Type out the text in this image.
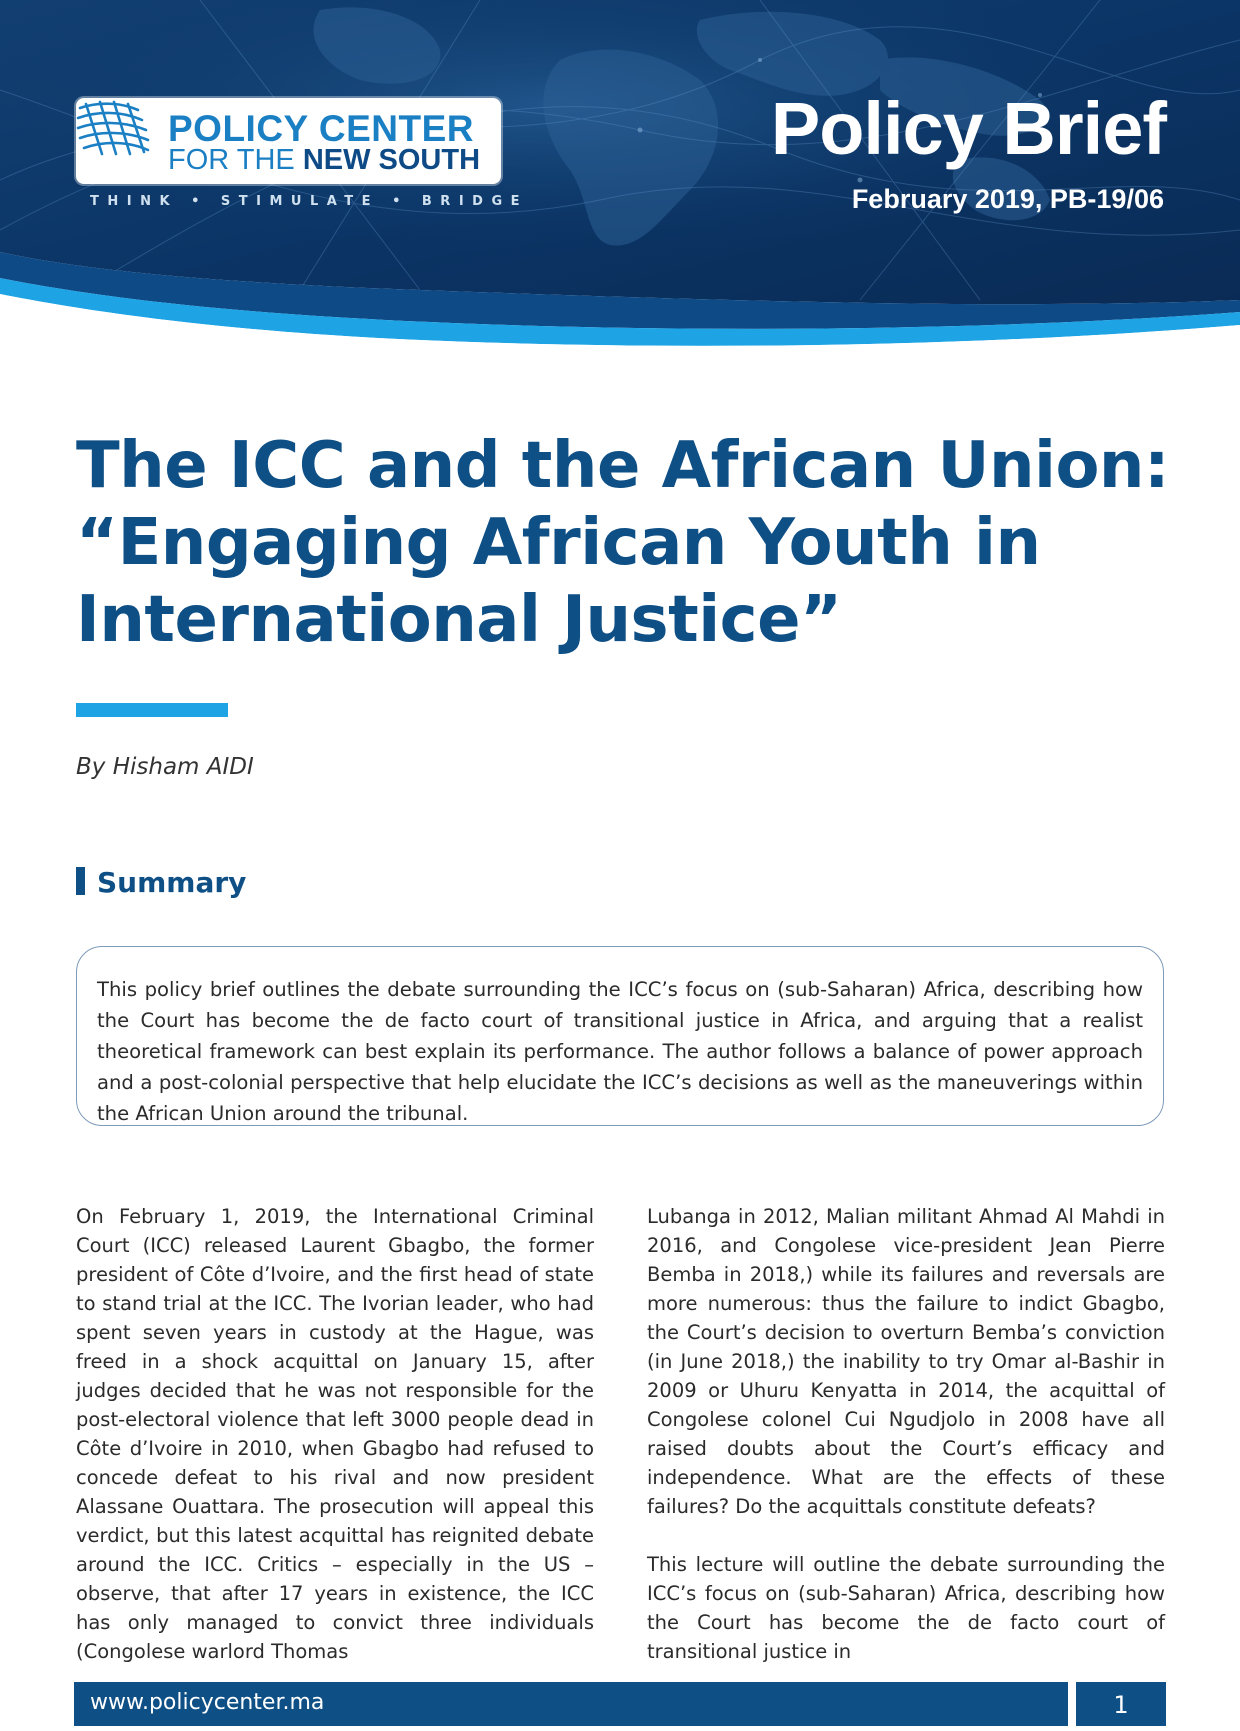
POLICY CENTER
FOR THE NEW SOUTH
THINK • STIMULATE • BRIDGE
Policy Brief
February 2019, PB-19/06
The ICC and the African Union:
“Engaging African Youth in
International Justice”
By Hisham AIDI
Summary
This policy brief outlines the debate surrounding the ICC’s focus on (sub-Saharan) Africa, describing how the Court has become the de facto court of transitional justice in Africa, and arguing that a realist theoretical framework can best explain its performance. The author follows a balance of power approach and a post-colonial perspective that help elucidate the ICC’s decisions as well as the maneuverings within the African Union around the tribunal.

On February 1, 2019, the International Criminal Court (ICC) released Laurent Gbagbo, the former president of Côte d’Ivoire, and the first head of state to stand trial at the ICC. The Ivorian leader, who had spent seven years in custody at the Hague, was freed in a shock acquittal on January 15, after judges decided that he was not responsible for the post-electoral violence that left 3000 people dead in Côte d’Ivoire in 2010, when Gbagbo had refused to concede defeat to his rival and now president Alassane Ouattara. The prosecution will appeal this verdict, but this latest acquittal has reignited debate around the ICC. Critics – especially in the US – observe, that after 17 years in existence, the ICC has only managed to convict three individuals (Congolese warlord Thomas

Lubanga in 2012, Malian militant Ahmad Al Mahdi in 2016, and Congolese vice-president Jean Pierre Bemba in 2018,) while its failures and reversals are more numerous: thus the failure to indict Gbagbo, the Court’s decision to overturn Bemba’s conviction (in June 2018,) the inability to try Omar al-Bashir in 2009 or Uhuru Kenyatta in 2014, the acquittal of Congolese colonel Cui Ngudjolo in 2008 have all raised doubts about the Court’s efficacy and independence. What are the effects of these failures? Do the acquittals constitute defeats?

This lecture will outline the debate surrounding the ICC’s focus on (sub-Saharan) Africa, describing how the Court has become the de facto court of transitional justice in

www.policycenter.ma	1
